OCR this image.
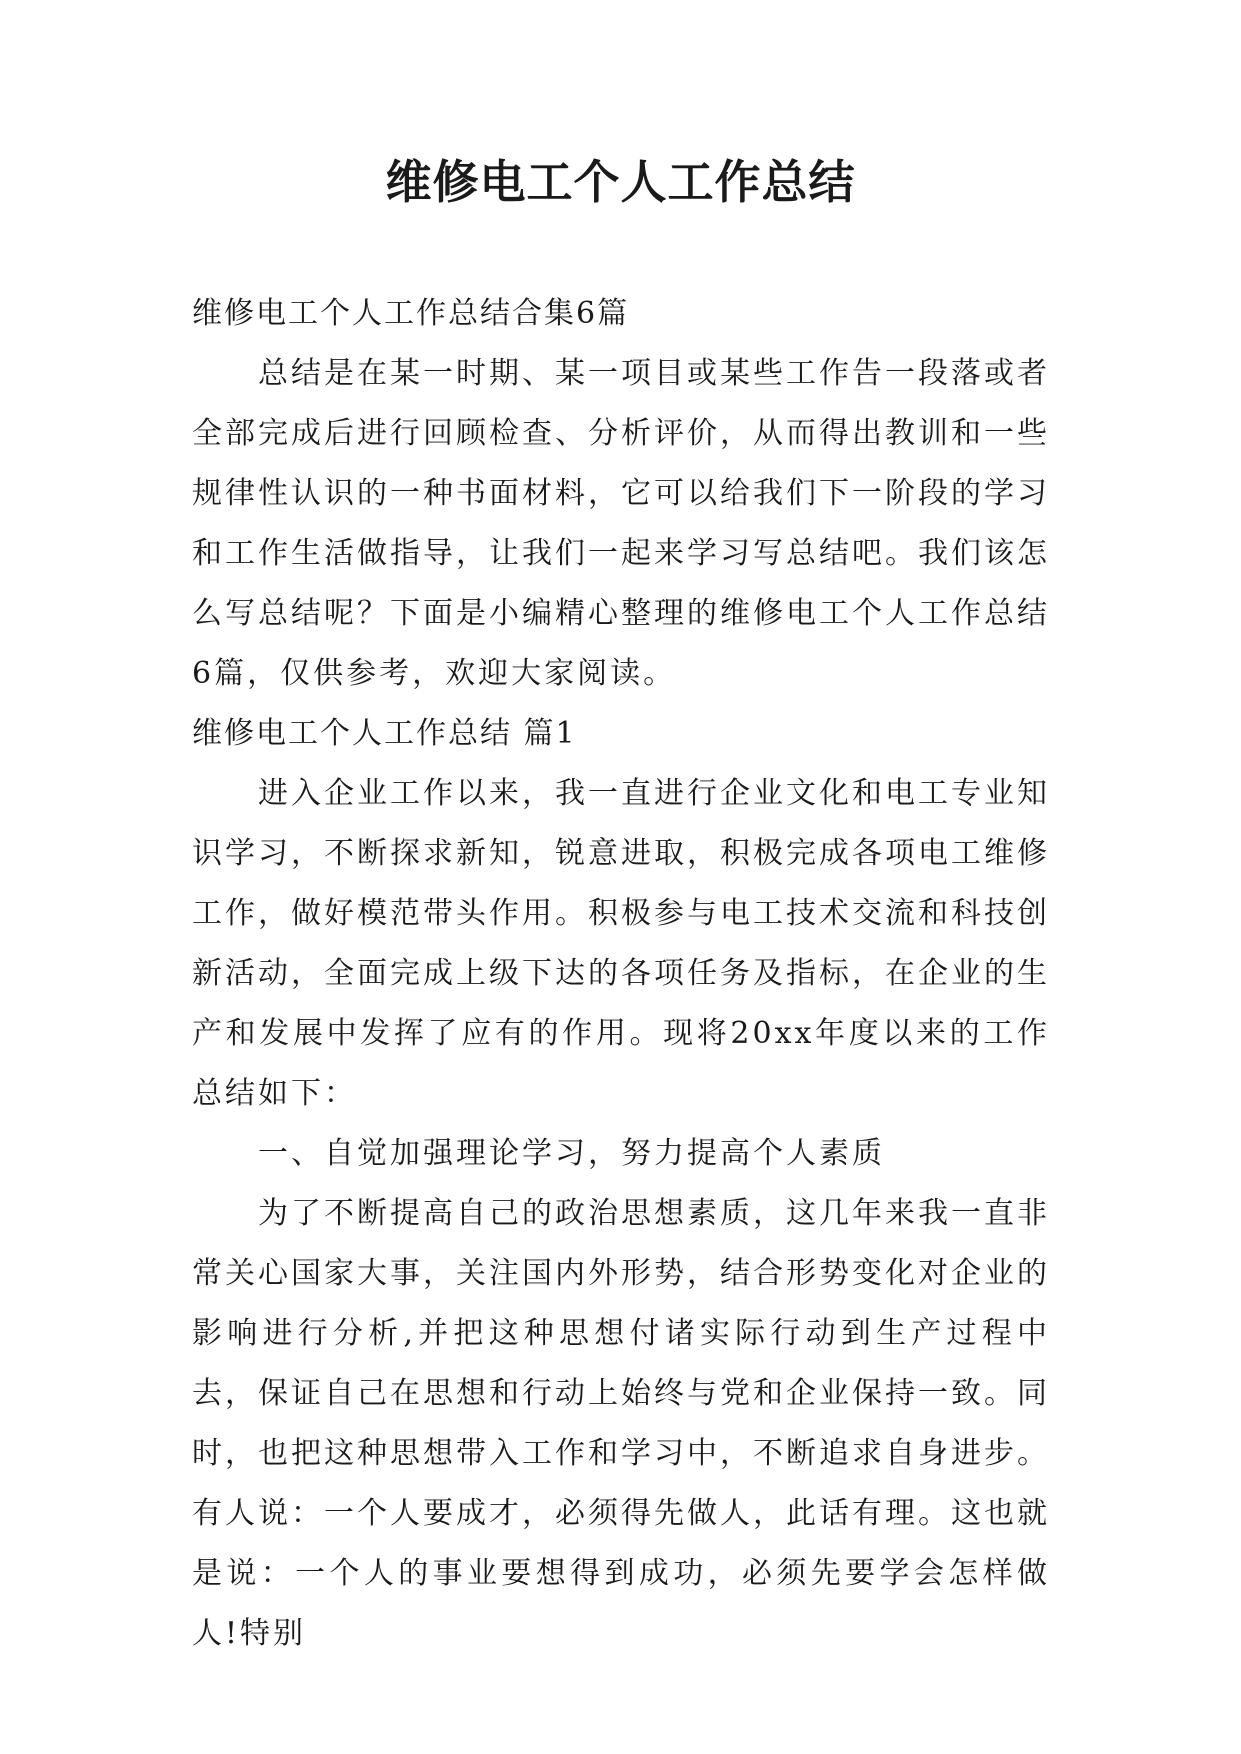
维修电工个人工作总结

维修电工个人工作总结合集6篇

总结是在某一时期、某一项目或某些工作告一段落或者全部完成后进行回顾检查、分析评价，从而得出教训和一些规律性认识的一种书面材料，它可以给我们下一阶段的学习和工作生活做指导，让我们一起来学习写总结吧。我们该怎么写总结呢？下面是小编精心整理的维修电工个人工作总结6篇，仅供参考，欢迎大家阅读。

维修电工个人工作总结 篇1

进入企业工作以来，我一直进行企业文化和电工专业知识学习，不断探求新知，锐意进取，积极完成各项电工维修工作，做好模范带头作用。积极参与电工技术交流和科技创新活动，全面完成上级下达的各项任务及指标，在企业的生产和发展中发挥了应有的作用。现将20xx年度以来的工作总结如下：

一、自觉加强理论学习，努力提高个人素质

为了不断提高自己的政治思想素质，这几年来我一直非常关心国家大事，关注国内外形势，结合形势变化对企业的影响进行分析,并把这种思想付诸实际行动到生产过程中去，保证自己在思想和行动上始终与党和企业保持一致。同时，也把这种思想带入工作和学习中，不断追求自身进步。有人说：一个人要成才，必须得先做人，此话有理。这也就是说：一个人的事业要想得到成功，必须先要学会怎样做人!特别
